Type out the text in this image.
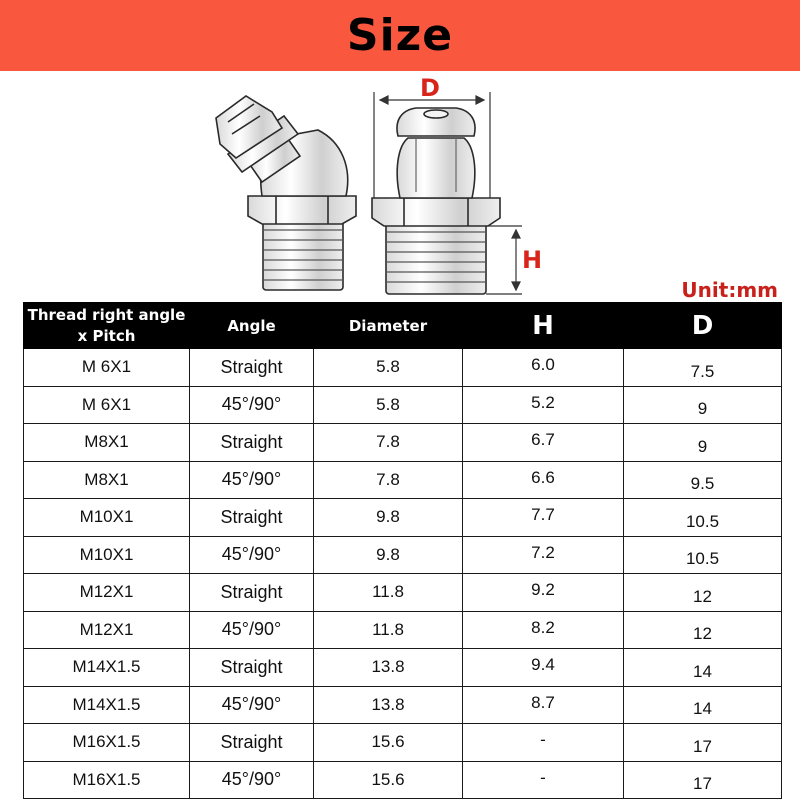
Size
D
H
Unit:mm
Thread right angle x Pitch	Angle	Diameter	H	D
M 6X1	Straight	5.8	6.0	7.5
M 6X1	45°/90°	5.8	5.2	9
M8X1	Straight	7.8	6.7	9
M8X1	45°/90°	7.8	6.6	9.5
M10X1	Straight	9.8	7.7	10.5
M10X1	45°/90°	9.8	7.2	10.5
M12X1	Straight	11.8	9.2	12
M12X1	45°/90°	11.8	8.2	12
M14X1.5	Straight	13.8	9.4	14
M14X1.5	45°/90°	13.8	8.7	14
M16X1.5	Straight	15.6	-	17
M16X1.5	45°/90°	15.6	-	17
